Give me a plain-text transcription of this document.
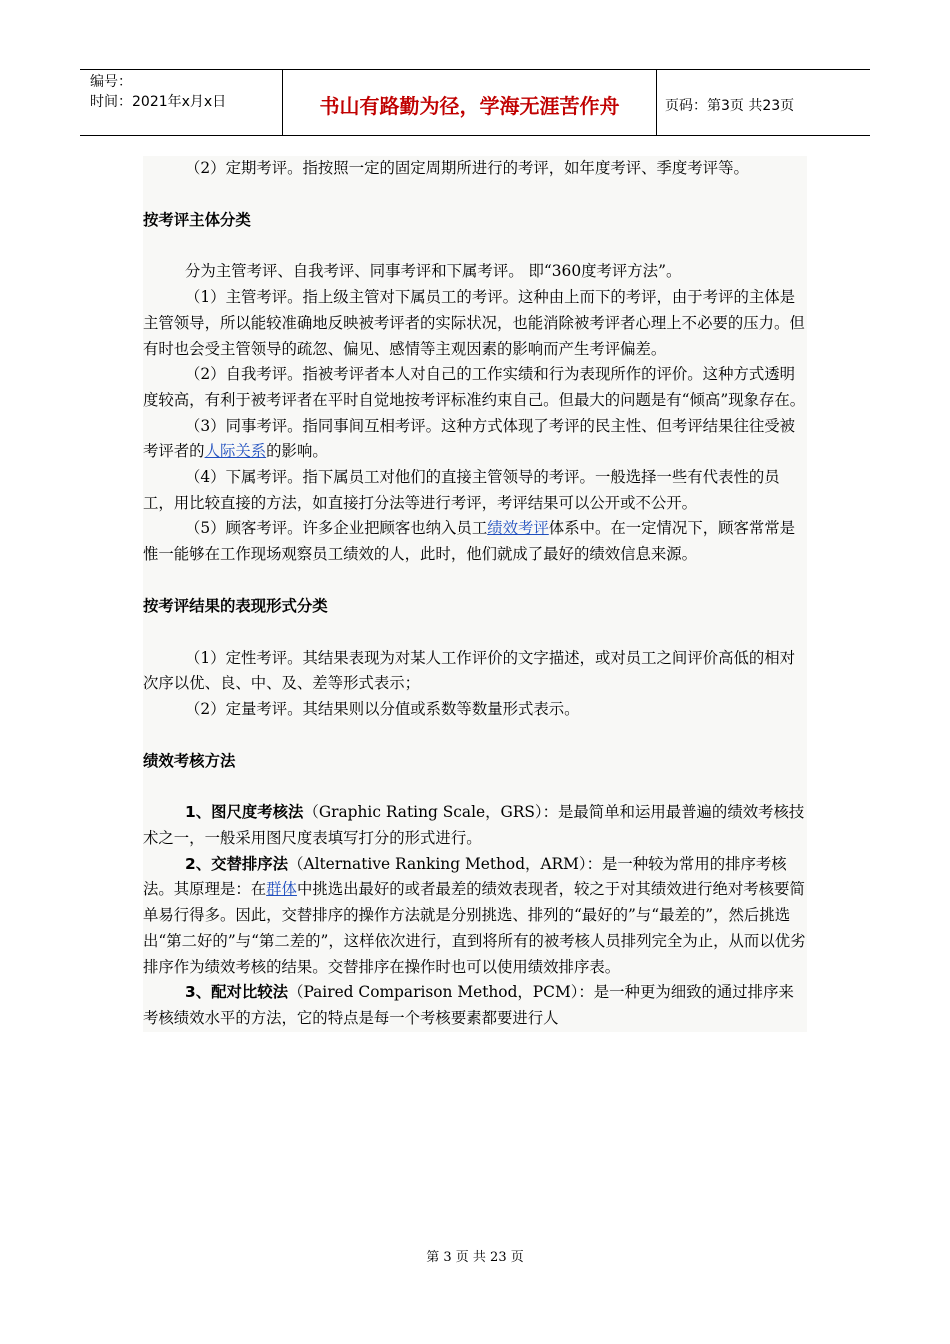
编号：
时间：2021年x月x日	书山有路勤为径，学海无涯苦作舟	页码：第3页 共23页

（2）定期考评。指按照一定的固定周期所进行的考评，如年度考评、季度考评等。

按考评主体分类

分为主管考评、自我考评、同事考评和下属考评。 即“360度考评方法”。

（1）主管考评。指上级主管对下属员工的考评。这种由上而下的考评，由于考评的主体是主管领导，所以能较准确地反映被考评者的实际状况，也能消除被考评者心理上不必要的压力。但有时也会受主管领导的疏忽、偏见、感情等主观因素的影响而产生考评偏差。

（2）自我考评。指被考评者本人对自己的工作实绩和行为表现所作的评价。这种方式透明度较高，有利于被考评者在平时自觉地按考评标准约束自己。但最大的问题是有“倾高”现象存在。

（3）同事考评。指同事间互相考评。这种方式体现了考评的民主性、但考评结果往往受被考评者的人际关系的影响。

（4）下属考评。指下属员工对他们的直接主管领导的考评。一般选择一些有代表性的员工，用比较直接的方法，如直接打分法等进行考评，考评结果可以公开或不公开。

（5）顾客考评。许多企业把顾客也纳入员工绩效考评体系中。在一定情况下，顾客常常是惟一能够在工作现场观察员工绩效的人，此时，他们就成了最好的绩效信息来源。

按考评结果的表现形式分类

（1）定性考评。其结果表现为对某人工作评价的文字描述，或对员工之间评价高低的相对次序以优、良、中、及、差等形式表示；

（2）定量考评。其结果则以分值或系数等数量形式表示。

绩效考核方法

1、图尺度考核法（Graphic Rating Scale，GRS）：是最简单和运用最普遍的绩效考核技术之一，一般采用图尺度表填写打分的形式进行。

2、交替排序法（Alternative Ranking Method，ARM）：是一种较为常用的排序考核法。其原理是：在群体中挑选出最好的或者最差的绩效表现者，较之于对其绩效进行绝对考核要简单易行得多。因此，交替排序的操作方法就是分别挑选、排列的“最好的”与“最差的”，然后挑选出“第二好的”与“第二差的”，这样依次进行，直到将所有的被考核人员排列完全为止，从而以优劣排序作为绩效考核的结果。交替排序在操作时也可以使用绩效排序表。

3、配对比较法（Paired Comparison Method，PCM）：是一种更为细致的通过排序来考核绩效水平的方法，它的特点是每一个考核要素都要进行人

第 3 页 共 23 页
